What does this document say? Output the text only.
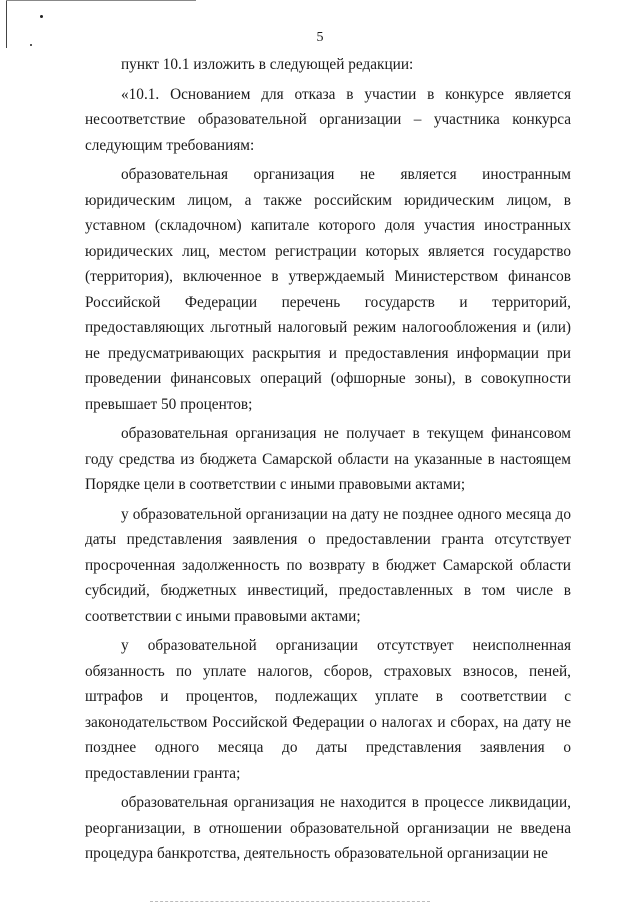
5

пункт 10.1 изложить в следующей редакции:

«10.1. Основанием для отказа в участии в конкурсе является несоответствие образовательной организации – участника конкурса следующим требованиям:

образовательная организация не является иностранным юридическим лицом, а также российским юридическим лицом, в уставном (складочном) капитале которого доля участия иностранных юридических лиц, местом регистрации которых является государство (территория), включенное в утверждаемый Министерством финансов Российской Федерации перечень государств и территорий, предоставляющих льготный налоговый режим налогообложения и (или) не предусматривающих раскрытия и предоставления информации при проведении финансовых операций (офшорные зоны), в совокупности превышает 50 процентов;

образовательная организация не получает в текущем финансовом году средства из бюджета Самарской области на указанные в настоящем Порядке цели в соответствии с иными правовыми актами;

у образовательной организации на дату не позднее одного месяца до даты представления заявления о предоставлении гранта отсутствует просроченная задолженность по возврату в бюджет Самарской области субсидий, бюджетных инвестиций, предоставленных в том числе в соответствии с иными правовыми актами;

у образовательной организации отсутствует неисполненная обязанность по уплате налогов, сборов, страховых взносов, пеней, штрафов и процентов, подлежащих уплате в соответствии с законодательством Российской Федерации о налогах и сборах, на дату не позднее одного месяца до даты представления заявления о предоставлении гранта;

образовательная организация не находится в процессе ликвидации, реорганизации, в отношении образовательной организации не введена процедура банкротства, деятельность образовательной организации не
